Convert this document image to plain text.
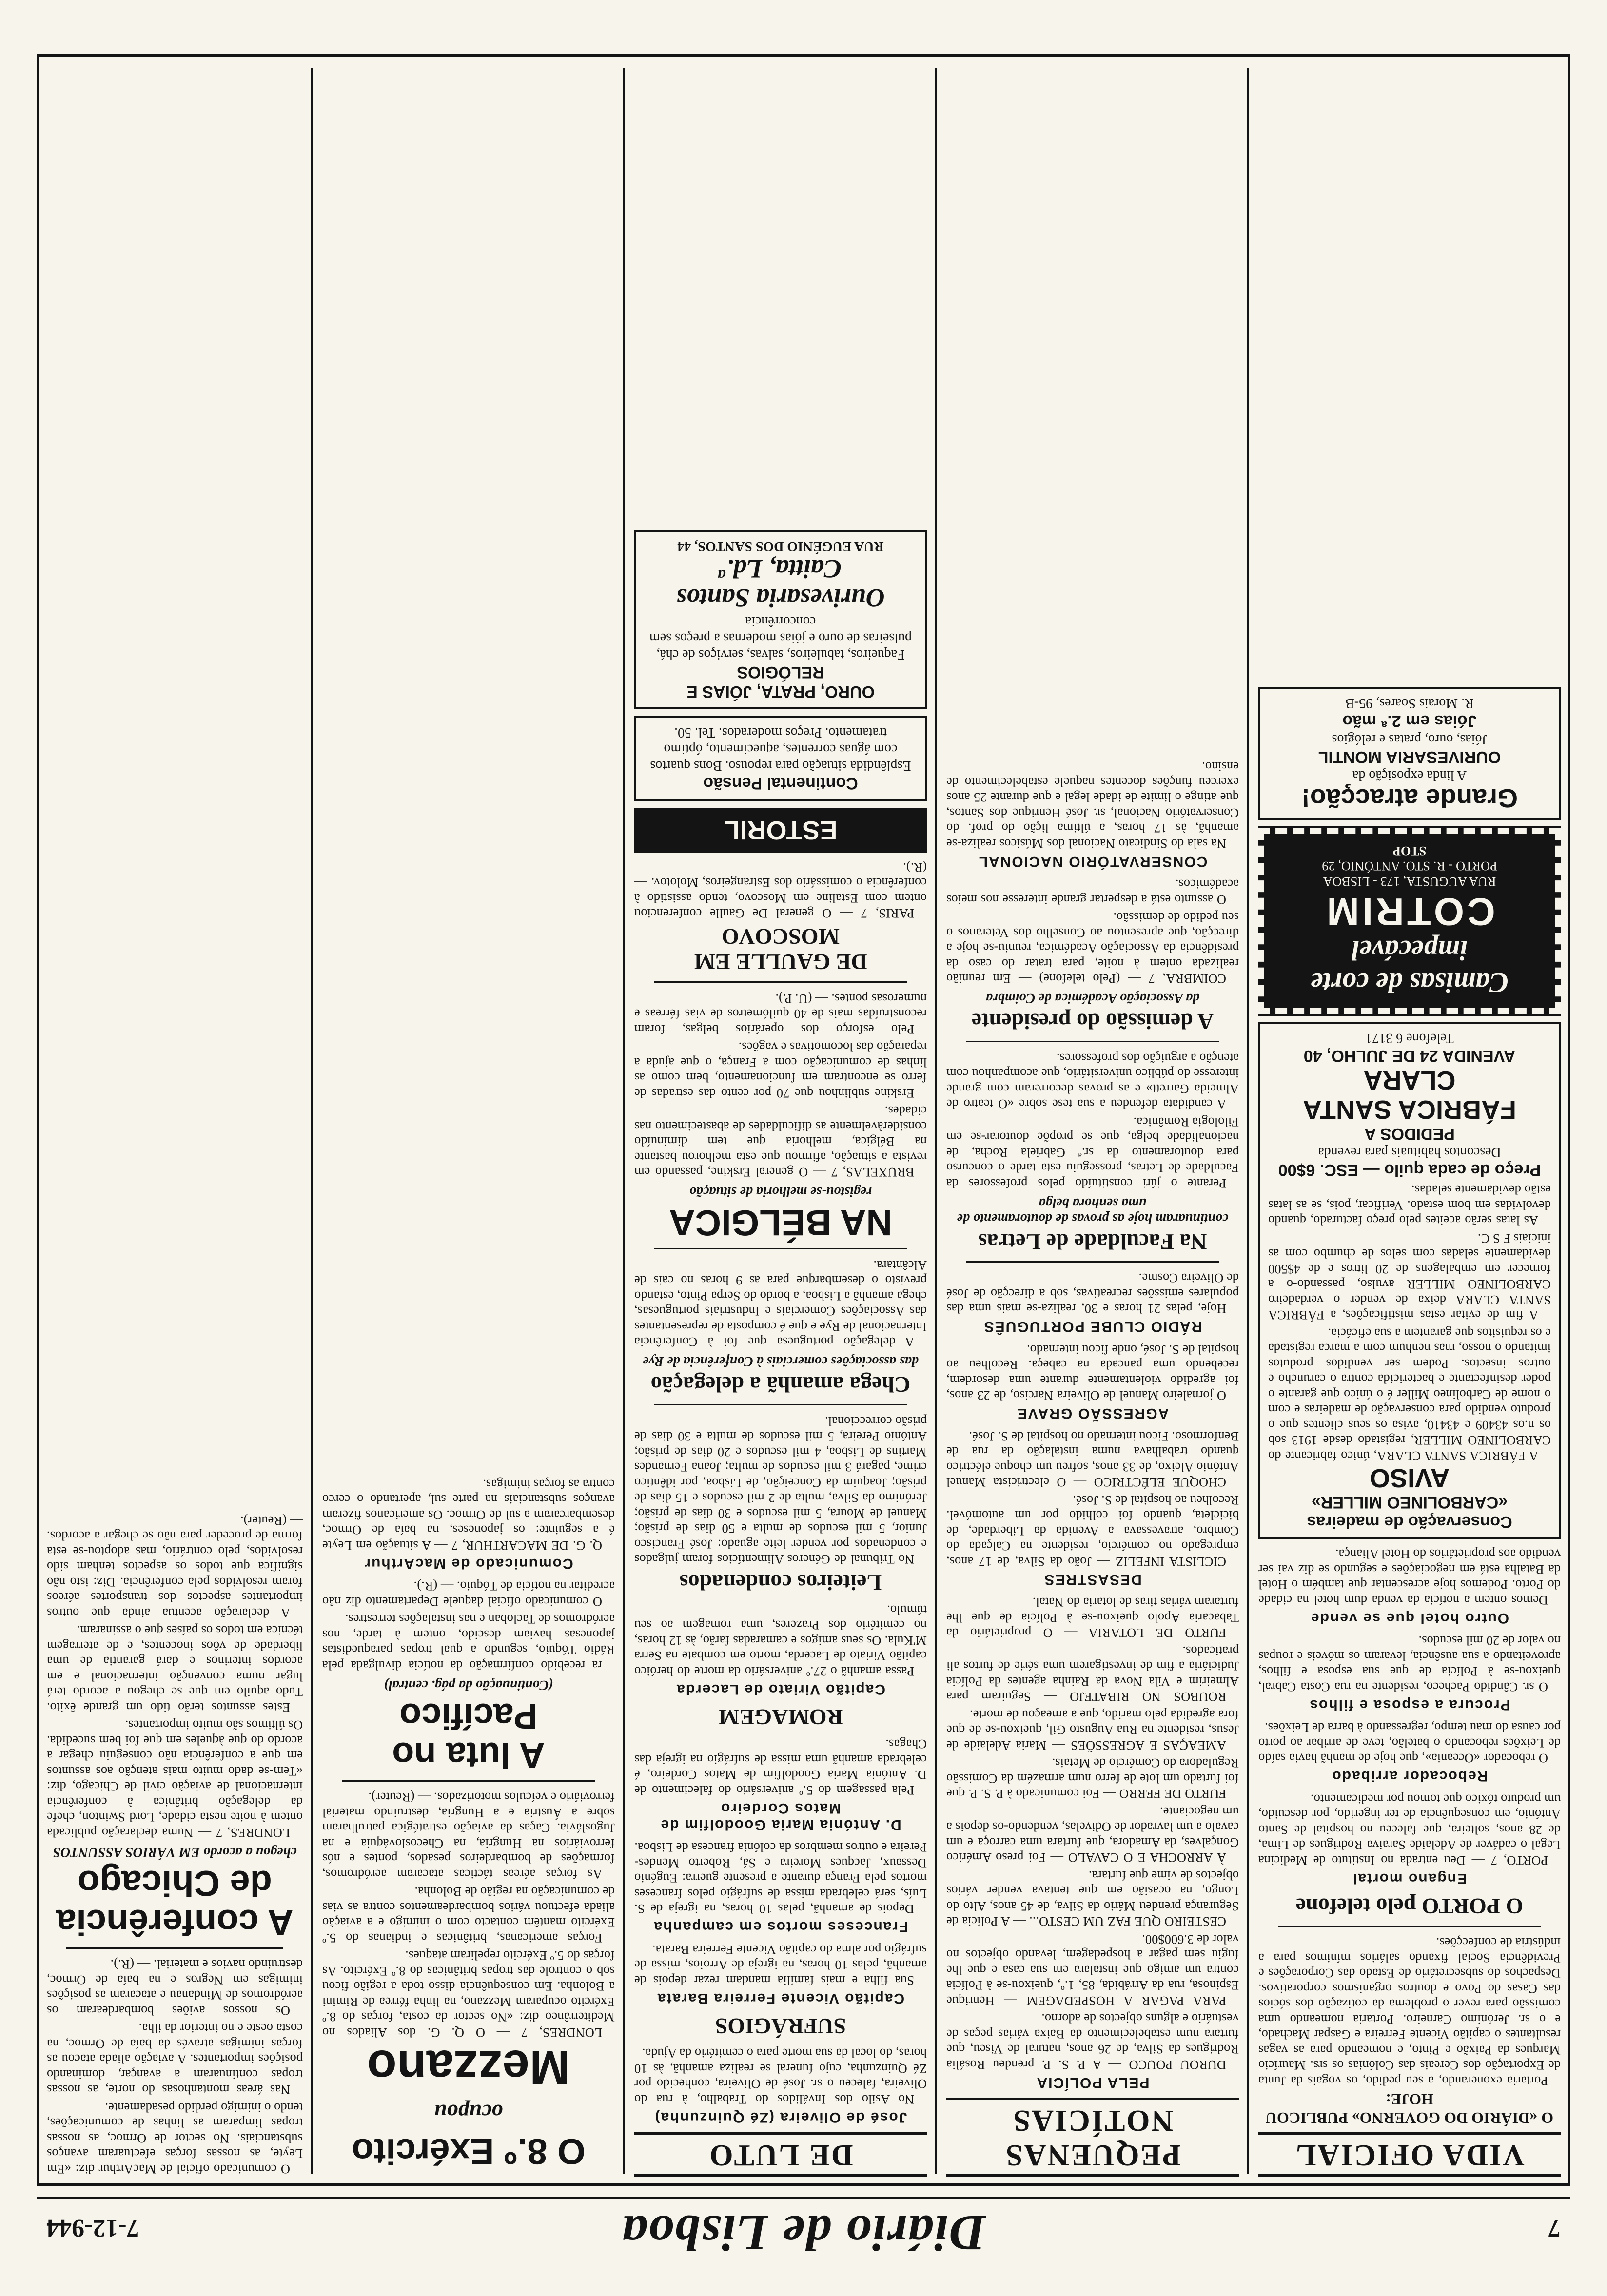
7
Diário de Lisboa
7-12-944
VIDA OFICIAL
O «DIÁRIO DO GOVERNO» PUBLICOU HOJE:

Portaria exonerando, a seu pedido, os vogais da Junta de Exportação dos Cereais das Colónias os srs. Maurício Marques da Paixão e Pinto, e nomeando para as vagas resultantes o capitão Vicente Ferreira e Gaspar Machado, e o sr. Jerónimo Carneiro. Portaria nomeando uma comissão para rever o problema da cotização dos sócios das Casas do Povo e doutros organismos corporativos. Despachos do subsecretário de Estado das Corporações e Previdência Social fixando salários mínimos para a indústria de confecções.

O PORTO pelo telefone
Engano mortal

PORTO, 7 — Deu entrada no Instituto de Medicina Legal o cadáver de Adelaide Saraiva Rodrigues de Lima, de 28 anos, solteira, que faleceu no hospital de Santo António, em consequência de ter ingerido, por descuido, um produto tóxico que tomou por medicamento.

Rebocador arribado

O rebocador «Oceania», que hoje de manhã havia saído de Leixões rebocando o batelão, teve de arribar ao porto por causa do mau tempo, regressando à barra de Leixões.

Procura a esposa e filhos

O sr. Cândido Pacheco, residente na rua Costa Cabral, queixou-se à Polícia de que sua esposa e filhos, aproveitando a sua ausência, levaram os móveis e roupas no valor de 20 mil escudos.

Outro hotel que se vende

Demos ontem a notícia da venda dum hotel na cidade do Porto. Podemos hoje acrescentar que também o Hotel da Batalha está em negociações e segundo se diz vai ser vendido aos proprietários do Hotel Aliança.

Conservação de madeiras «CARBOLINEO MILLER»
AVISO

A FÁBRICA SANTA CLARA, único fabricante do CARBOLINEO MILLER, registado desde 1913 sob os n.os 43409 e 43410, avisa os seus clientes que o produto vendido para conservação de madeiras e com o nome de Carbolineo Miller é o único que garante o poder desinfectante e bactericida contra o caruncho e outros insectos. Podem ser vendidos produtos imitando o nosso, mas nenhum com a marca registada e os requisitos que garantem a sua eficácia.

A fim de evitar estas mistificações, a FÁBRICA SANTA CLARA deixa de vender o verdadeiro CARBOLINEO MILLER avulso, passando-o a fornecer em embalagens de 20 litros e de 4$500 devidamente seladas com selos de chumbo com as iniciais F S C.

As latas serão aceites pelo preço facturado, quando devolvidas em bom estado. Verificar, pois, se as latas estão devidamente seladas.

Preço de cada quilo — ESC. 6$00
Descontos habituais para revenda
PEDIDOS A
FÁBRICA SANTA CLARA
AVENIDA 24 DE JULHO, 40
Telefone 6 3171
Camisas de corte impecável
COTRIM
RUA AUGUSTA, 173 - LISBOA
PORTO - R. STO. ANTÓNIO, 29
STOP
Grande atracção!
A linda exposição da
OURIVESARIA MONTIL
Jóias, ouro, pratas e relógios
Jóias em 2.ª mão
R. Morais Soares, 95-B
PEQUENAS NOTÍCIAS
PELA POLÍCIA

DUROU POUCO — A P. S. P. prendeu Rosália Rodrigues da Silva, de 26 anos, natural de Viseu, que furtara num estabelecimento da Baixa várias peças de vestuário e alguns objectos de adorno.

PARA PAGAR A HOSPEDAGEM — Henrique Espinosa, rua da Arrábida, 85, 1.º, queixou-se à Polícia contra um amigo que instalara em sua casa e que lhe fugiu sem pagar a hospedagem, levando objectos no valor de 3.600$00.

CESTEIRO QUE FAZ UM CESTO... — A Polícia de Segurança prendeu Mário da Silva, de 45 anos, Alto do Longo, na ocasião em que tentava vender vários objectos de vime que furtara.

À ARROCHA E O CAVALO — Foi preso Américo Gonçalves, da Amadora, que furtara uma carroça e um cavalo a um lavrador de Odivelas, vendendo-os depois a um negociante.

FURTO DE FERRO — Foi comunicado à P. S. P. que foi furtado um lote de ferro num armazém da Comissão Reguladora do Comércio de Metais.

AMEAÇAS E AGRESSÕES — Maria Adelaide de Jesus, residente na Rua Augusto Gil, queixou-se de que fora agredida pelo marido, que a ameaçou de morte.

ROUBOS NO RIBATEJO — Seguiram para Almeirim e Vila Nova da Rainha agentes da Polícia Judiciária a fim de investigarem uma série de furtos ali praticados.

FURTO DE LOTARIA — O proprietário da Tabacaria Apolo queixou-se à Polícia de que lhe furtaram várias tiras de lotaria do Natal.

DESASTRES

CICLISTA INFELIZ — João da Silva, de 17 anos, empregado no comércio, residente na Calçada do Combro, atravessava a Avenida da Liberdade, de bicicleta, quando foi colhido por um automóvel. Recolheu ao hospital de S. José.

CHOQUE ELÉCTRICO — O electricista Manuel António Aleixo, de 33 anos, sofreu um choque eléctrico quando trabalhava numa instalação da rua de Benformoso. Ficou internado no hospital de S. José.

AGRESSÃO GRAVE

O jornaleiro Manuel de Oliveira Narciso, de 23 anos, foi agredido violentamente durante uma desordem, recebendo uma pancada na cabeça. Recolheu ao hospital de S. José, onde ficou internado.

RÁDIO CLUBE PORTUGUÊS

Hoje, pelas 21 horas e 30, realiza-se mais uma das populares emissões recreativas, sob a direcção de José de Oliveira Cosme.

Na Faculdade de Letras
continuaram hoje as provas de doutoramento de uma senhora belga

Perante o júri constituído pelos professores da Faculdade de Letras, prosseguiu esta tarde o concurso para doutoramento da sr.ª Gabriela Rocha, de nacionalidade belga, que se propõe doutorar-se em Filologia Românica.

A candidata defendeu a sua tese sobre «O teatro de Almeida Garrett» e as provas decorreram com grande interesse do público universitário, que acompanhou com atenção a arguição dos professores.

A demissão do presidente
da Associação Académica de Coimbra

COIMBRA, 7 — (Pelo telefone) — Em reunião realizada ontem à noite, para tratar do caso da presidência da Associação Académica, reuniu-se hoje a direcção, que apresentou ao Conselho dos Veteranos o seu pedido de demissão.

O assunto está a despertar grande interesse nos meios académicos.

CONSERVATÓRIO NACIONAL

Na sala do Sindicato Nacional dos Músicos realiza-se amanhã, às 17 horas, a última lição do prof. do Conservatório Nacional, sr. José Henrique dos Santos, que atinge o limite de idade legal e que durante 25 anos exerceu funções docentes naquele estabelecimento de ensino.

DE LUTO
José de Oliveira (Zé Quinzunha)

No Asilo dos Inválidos do Trabalho, à rua do Oliveira, faleceu o sr. José de Oliveira, conhecido por Zé Quinzunha, cujo funeral se realiza amanhã, às 10 horas, do local da sua morte para o cemitério da Ajuda.

SUFRÁGIOS
Capitão Vicente Ferreira Barata

Sua filha e mais família mandam rezar depois de amanhã, pelas 10 horas, na igreja de Arroios, missa de sufrágio por alma do capitão Vicente Ferreira Barata.

Franceses mortos em campanha

Depois de amanhã, pelas 10 horas, na igreja de S. Luís, será celebrada missa de sufrágio pelos franceses mortos pela França durante a presente guerra: Eugénio Dessaux, Jacques Moreira e Sá, Roberto Mendes-Pereira e outros membros da colónia francesa de Lisboa.

D. Antónia Maria Goodolfim de Matos Cordeiro

Pela passagem do 5.º aniversário do falecimento de D. Antónia Maria Goodolfim de Matos Cordeiro, é celebrada amanhã uma missa de sufrágio na igreja das Chagas.

ROMAGEM
Capitão Viriato de Lacerda

Passa amanhã o 27.º aniversário da morte do heróico capitão Viriato de Lacerda, morto em combate na Serra M'Kula. Os seus amigos e camaradas farão, às 12 horas, no cemitério dos Prazeres, uma romagem ao seu túmulo.

Leiteiros condenados

No Tribunal de Géneros Alimentícios foram julgados e condenados por vender leite aguado: José Francisco Junior, 5 mil escudos de multa e 50 dias de prisão; Manuel de Moura, 5 mil escudos e 30 dias de prisão; Jerónimo da Silva, multa de 2 mil escudos e 15 dias de prisão; Joaquim da Conceição, de Lisboa, por idêntico crime, pagará 3 mil escudos de multa; Joana Fernandes Martins de Lisboa, 4 mil escudos e 20 dias de prisão; António Pereira, 5 mil escudos de multa e 30 dias de prisão correccional.

Chega amanhã a delegação
das associações comerciais à Conferência de Rye

A delegação portuguesa que foi à Conferência Internacional de Rye e que é composta de representantes das Associações Comerciais e Industriais portuguesas, chega amanhã a Lisboa, a bordo do Serpa Pinto, estando previsto o desembarque para as 9 horas no cais de Alcântara.

NA BÉLGICA
registou-se melhoria de situação

BRUXELAS, 7 — O general Erskine, passando em revista a situação, afirmou que esta melhorou bastante na Bélgica, melhoria que tem diminuído consideràvelmente as dificuldades de abastecimento nas cidades.

Erskine sublinhou que 70 por cento das estradas de ferro se encontram em funcionamento, bem como as linhas de comunicação com a França, o que ajuda a reparação das locomotivas e vagões.

Pelo esforço dos operários belgas, foram reconstruídas mais de 40 quilómetros de vias férreas e numerosas pontes. — (U. P.).

DE GAULLE EM MOSCOVO

PARIS, 7 — O general De Gaulle conferenciou ontem com Estaline em Moscovo, tendo assistido à conferência o comissário dos Estrangeiros, Molotov. — (R.).

ESTORIL
Continental Pensão
Esplêndida situação para repouso. Bons quartos com águas correntes, aquecimento, óptimo tratamento. Preços moderados. Tel. 50.
OURO, PRATA, JÓIAS E RELÓGIOS
Faqueiros, tabuleiros, salvas, serviços de chá, pulseiras de ouro e jóias modernas a preços sem concorrência
Ourivesaria Santos Caitta, Ld.ª
RUA EUGÉNIO DOS SANTOS, 44
O 8.º Exército
ocupou
Mezzano

LONDRES, 7 — O Q. G. dos Aliados no Mediterrâneo diz: «No sector da costa, forças do 8.º Exército ocuparam Mezzano, na linha férrea de Rimini a Bolonha. Em consequência disso toda a região ficou sob o controle das tropas britânicas do 8.º Exército. As forças do 5.º Exército repeliram ataques.

Forças americanas, britânicas e indianas do 5.º Exército mantêm contacto com o inimigo e a aviação aliada efectuou vários bombardeamentos contra as vias de comunicação na região de Bolonha.

As forças aéreas tácticas atacaram aeródromos, formações de bombardeiros pesados, pontes e nós ferroviários na Hungria, na Checoslováquia e na Jugoslávia. Caças da aviação estratégica patrulharam sobre a Áustria e a Hungria, destruindo material ferroviário e veículos motorizados. — (Reuter).

A luta no Pacífico
(Continuação da pág. central)

ra recebido confirmação da notícia divulgada pela Rádio Tóquio, segundo a qual tropas paraquedistas japonesas haviam descido, ontem à tarde, nos aeródromos de Tacloban e nas instalações terrestres.

O comunicado oficial daquele Departamento diz não acreditar na notícia de Tóquio. — (R.).

Comunicado de MacArthur

Q. G. DE MACARTHUR, 7 — A situação em Leyte é a seguinte: os japoneses, na baía de Ormoc, desembarcaram a sul de Ormoc. Os americanos fizeram avanços substanciais na parte sul, apertando o cerco contra as forças inimigas.

O comunicado oficial de MacArthur diz: «Em Leyte, as nossas forças efectuaram avanços substanciais. No sector de Ormoc, as nossas tropas limparam as linhas de comunicações, tendo o inimigo perdido pesadamente.

Nas áreas montanhosas do norte, as nossas tropas continuaram a avançar, dominando posições importantes. A aviação aliada atacou as forças inimigas através da baía de Ormoc, na costa oeste e no interior da ilha.

Os nossos aviões bombardearam os aeródromos de Mindanau e atacaram as posições inimigas em Negros e na baía de Ormoc, destruindo navios e material. — (R.).

A conferência de Chicago
chegou a acordo EM VÁRIOS ASSUNTOS

LONDRES, 7 — Numa declaração publicada ontem à noite nesta cidade, Lord Swinton, chefe da delegação britânica à conferência internacional de aviação civil de Chicago, diz: «Tem-se dado muito mais atenção aos assuntos em que a conferência não conseguiu chegar a acordo do que àqueles em que foi bem sucedida. Os últimos são muito importantes.

Estes assuntos terão tido um grande êxito. Tudo aquilo em que se chegou a acordo terá lugar numa convenção internacional e em acordos interinos e dará garantia de uma liberdade de vôos inocentes, e de aterragem técnica em todos os países que o assinaram.

A declaração acentua ainda que outros importantes aspectos dos transportes aéreos foram resolvidos pela conferência. Diz: isto não significa que todos os aspectos tenham sido resolvidos, pelo contrário, mas adoptou-se esta forma de proceder para não se chegar a acordos. — (Reuter).
